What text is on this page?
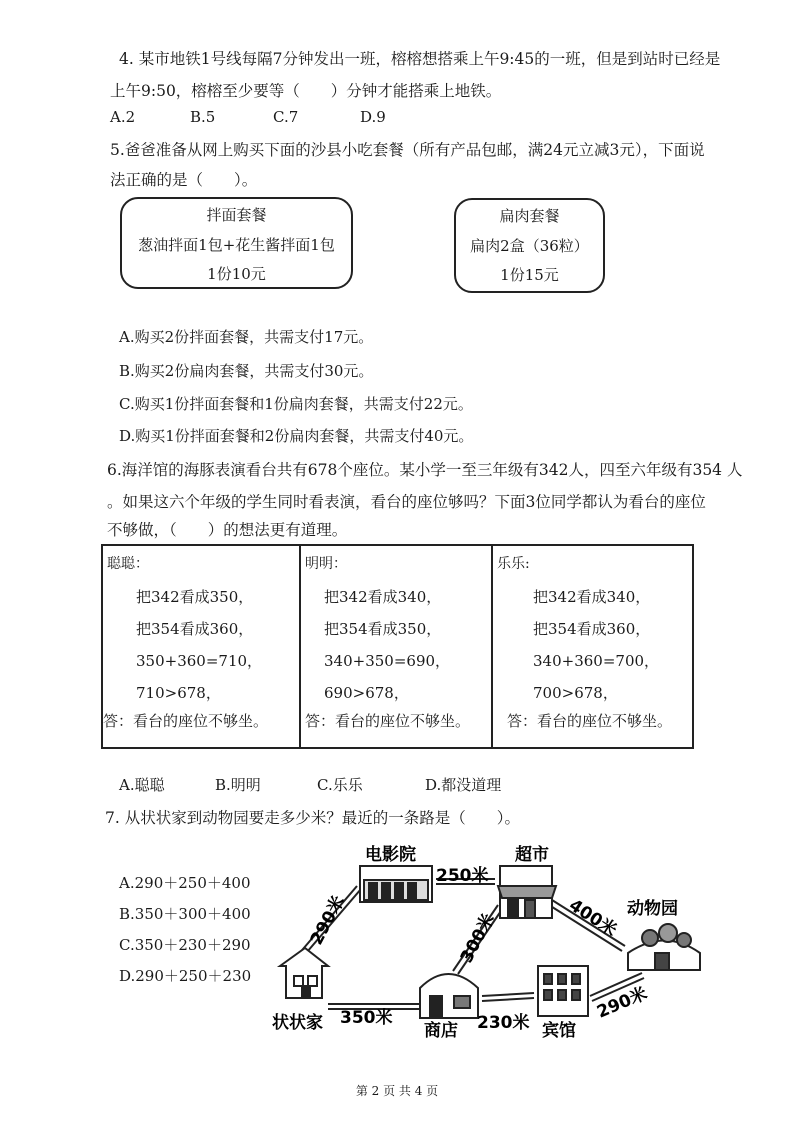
4. 某市地铁1号线每隔7分钟发出一班，榕榕想搭乘上午9:45的一班，但是到站时已经是
上午9:50，榕榕至少要等（　　）分钟才能搭乘上地铁。
A.2	B.5	C.7	D.9
5.爸爸准备从网上购买下面的沙县小吃套餐（所有产品包邮，满24元立减3元），下面说
法正确的是（　　）。
拌面套餐
葱油拌面1包+花生酱拌面1包
1份10元
扁肉套餐
扁肉2盒（36粒）
1份15元
A.购买2份拌面套餐，共需支付17元。
B.购买2份扁肉套餐，共需支付30元。
C.购买1份拌面套餐和1份扁肉套餐，共需支付22元。
D.购买1份拌面套餐和2份扁肉套餐，共需支付40元。
6.海洋馆的海豚表演看台共有678个座位。某小学一至三年级有342人，四至六年级有354 人
。如果这六个年级的学生同时看表演，看台的座位够吗？下面3位同学都认为看台的座位
不够做，（　　）的想法更有道理。
聪聪：
把342看成350，
把354看成360，
350+360=710，
710>678，
答：看台的座位不够坐。

明明：
把342看成340，
把354看成350，
340+350=690，
690>678，
答：看台的座位不够坐。

乐乐:
把342看成340，
把354看成360，
340+360=700，
700>678，
答：看台的座位不够坐。
A.聪聪	B.明明	C.乐乐	D.都没道理
7. 从状状家到动物园要走多少米？最近的一条路是（　　）。
A.290＋250＋400
B.350＋300＋400
C.350＋230＋290
D.290＋250＋230
电影院	超市
动物园
状状家	商店	宾馆
250米
290米	400米
300米
350米	230米
290米
第 2 页 共 4 页
